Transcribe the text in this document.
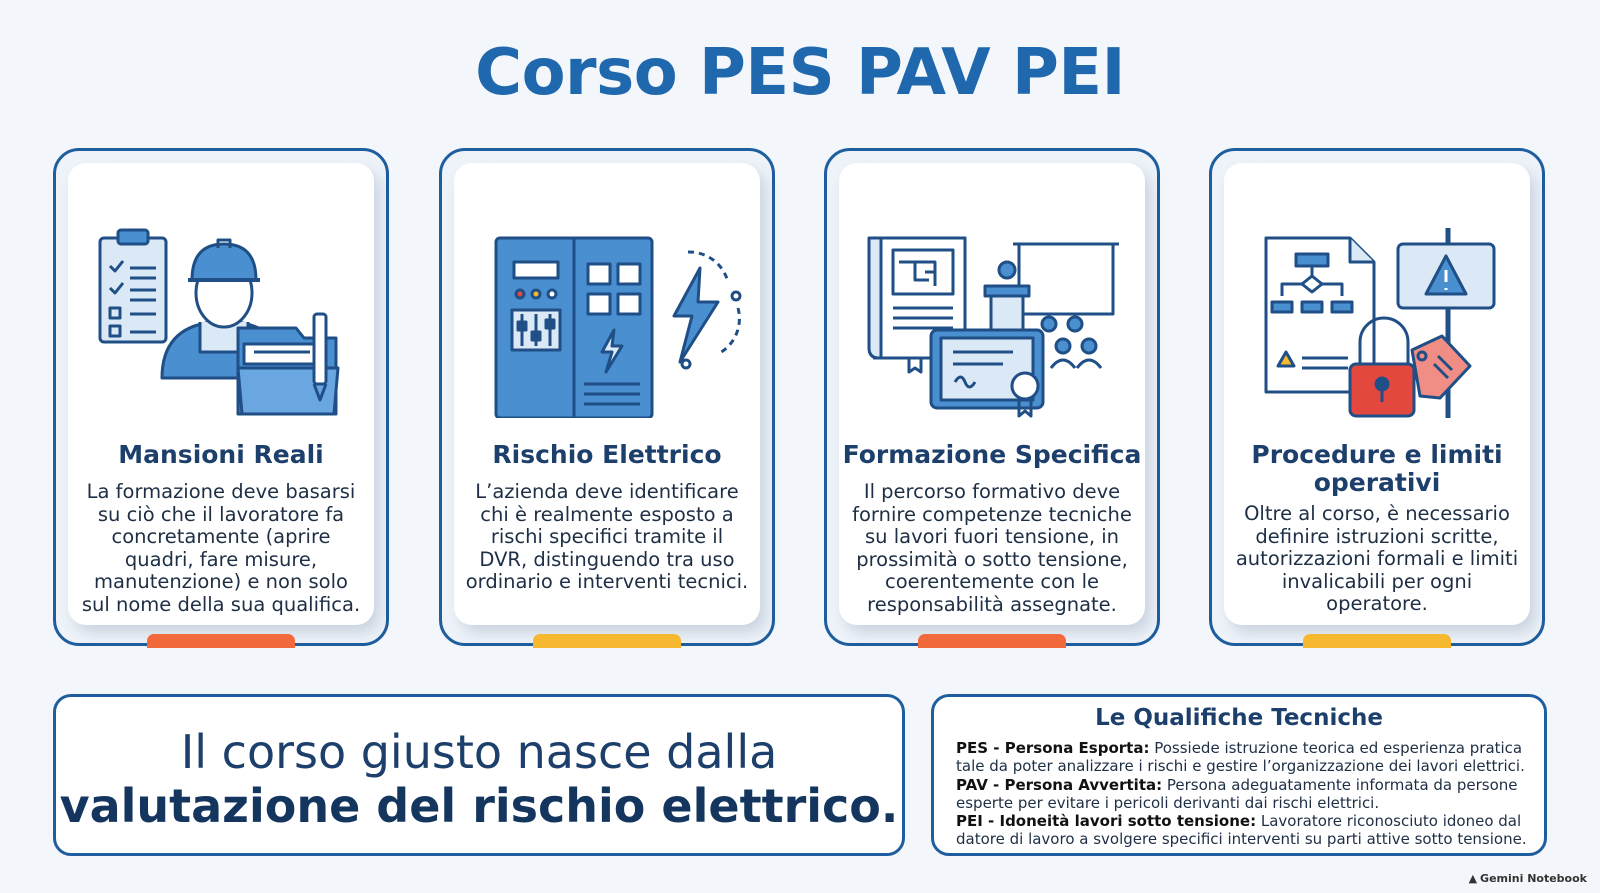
Corso PES PAV PEI
Mansioni Reali
La formazione deve basarsi su ciò che il lavoratore fa concretamente (aprire quadri, fare misure, manutenzione) e non solo sul nome della sua qualifica.
Rischio Elettrico
L’azienda deve identificare chi è realmente esposto a rischi specifici tramite il DVR, distinguendo tra uso ordinario e interventi tecnici.
Formazione Specifica
Il percorso formativo deve fornire competenze tecniche su lavori fuori tensione, in prossimità o sotto tensione, coerentemente con le responsabilità assegnate.
Procedure e limiti operativi
Oltre al corso, è necessario definire istruzioni scritte, autorizzazioni formali e limiti invalicabili per ogni operatore.
Il corso giusto nasce dalla
valutazione del rischio elettrico.
Le Qualifiche Tecniche
PES - Persona Esporta: Possiede istruzione teorica ed esperienza pratica tale da poter analizzare i rischi e gestire l’organizzazione dei lavori elettrici.
PAV - Persona Avvertita: Persona adeguatamente informata da persone esperte per evitare i pericoli derivanti dai rischi elettrici.
PEI - Idoneità lavori sotto tensione: Lavoratore riconosciuto idoneo dal datore di lavoro a svolgere specifici interventi su parti attive sotto tensione.
▲ Gemini Notebook
